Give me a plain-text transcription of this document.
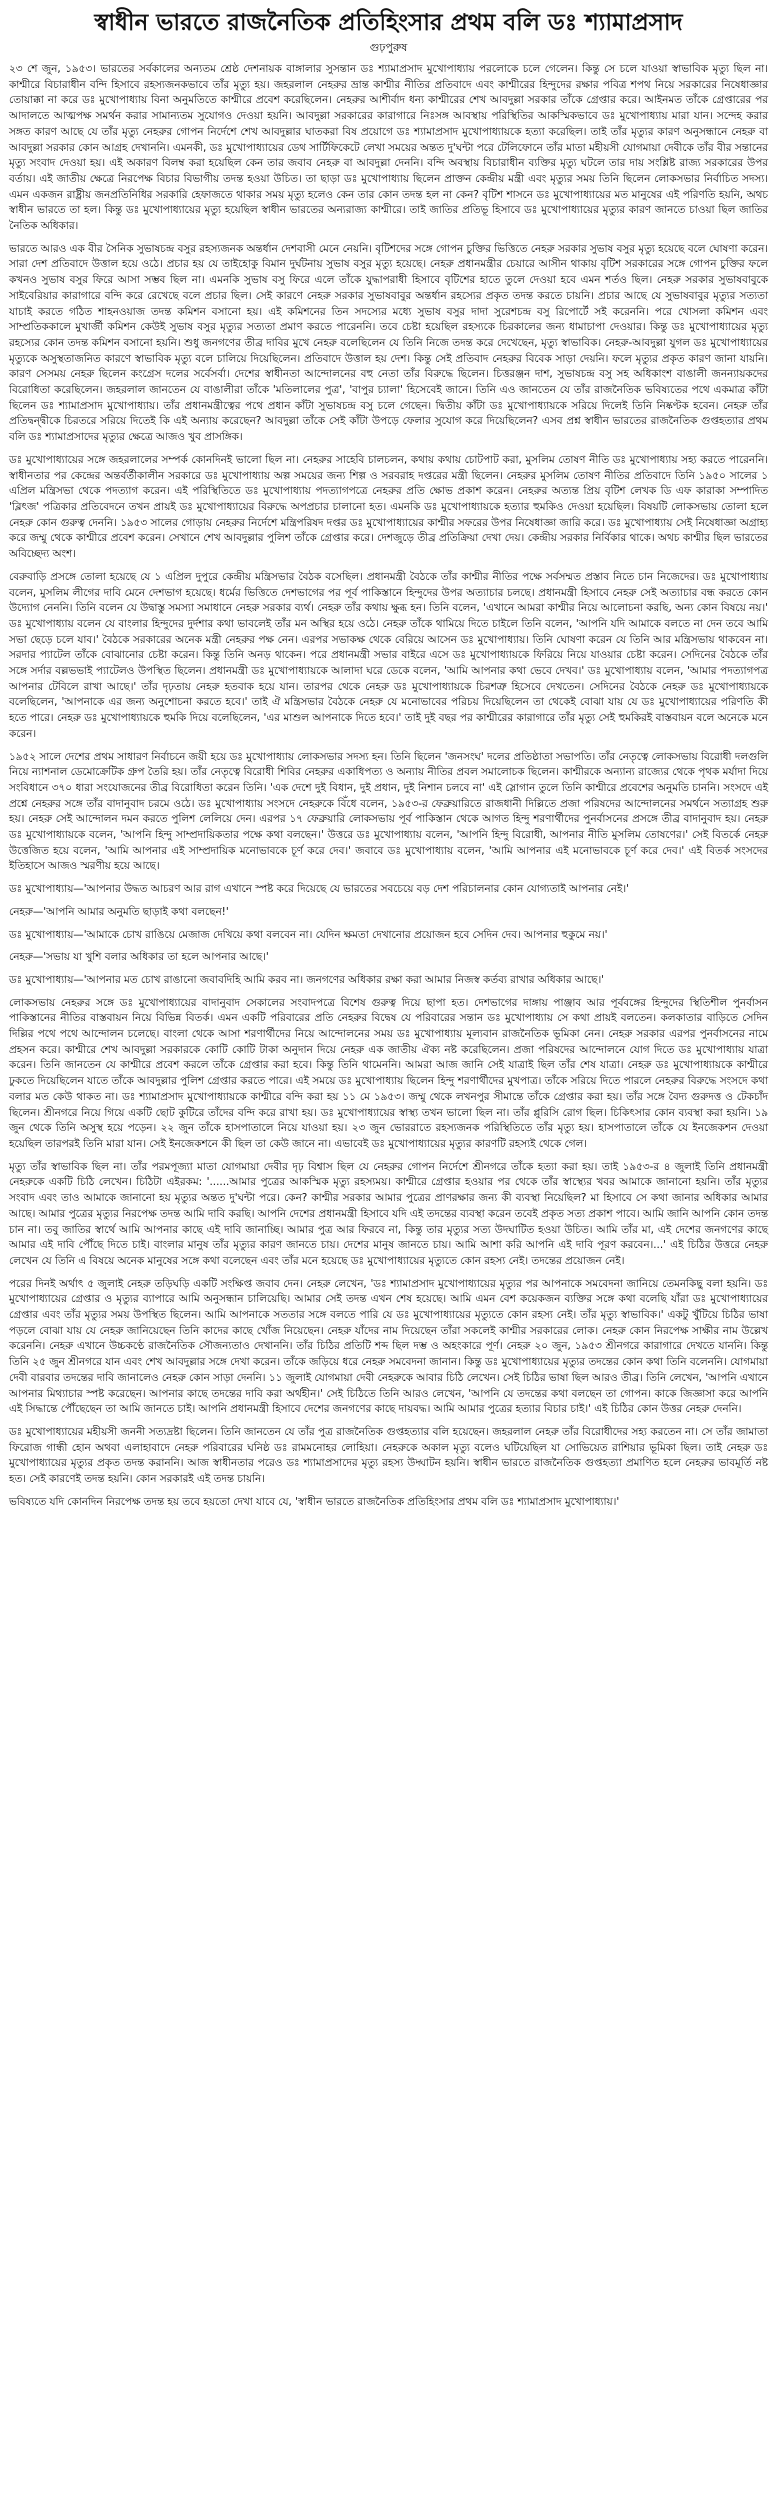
স্বাধীন ভারতে রাজনৈতিক প্রতিহিংসার প্রথম বলি ডঃ শ্যামাপ্রসাদ
গুঢ়পুরুষ

২৩ শে জুন, ১৯৫৩। ভারতের সর্বকালের অন্যতম শ্রেষ্ঠ দেশনায়ক বাঙ্গালার সুসন্তান ডঃ শ্যামাপ্রসাদ মুখোপাধ্যায় পরলোকে চলে গেলেন। কিন্তু সে চলে যাওয়া স্বাভাবিক মৃত্যু ছিল না। কাশ্মীরে বিচারাধীন বন্দি হিসাবে রহস্যজনকভাবে তাঁর মৃত্যু হয়। জহরলাল নেহরুর ভ্রান্ত কাশ্মীর নীতির প্রতিবাদে এবং কাশ্মীরের হিন্দুদের রক্ষার পবিত্র শপথ নিয়ে সরকারের নিষেধাজ্ঞার তোয়াক্কা না করে ডঃ মুখোপাধ্যায় বিনা অনুমতিতে কাশ্মীরে প্রবেশ করেছিলেন। নেহরুর আশীর্বাদ ধন্য কাশ্মীরের শেখ আবদুল্লা সরকার তাঁকে গ্রেপ্তার করে। আইনমত তাঁকে গ্রেপ্তারের পর আদালতে আত্মপক্ষ সমর্থন করার সামান্যতম সুযোগও দেওয়া হয়নি। আবদুল্লা সরকারের কারাগারে নিঃসঙ্গ আবস্থায় পরিস্থিতির আকস্মিকভাবে ডঃ মুখোপাধ্যায় মারা যান। সন্দেহ করার সঙ্গত কারণ আছে যে তাঁর মৃত্যু নেহরুর গোপন নির্দেশে শেখ আবদুল্লার ঘাতকরা বিষ প্রয়োগে ডঃ শ্যামাপ্রসাদ মুখোপাধ্যায়কে হত্যা করেছিল। তাই তাঁর মৃত্যুর কারণ অনুসন্ধানে নেহরু বা আবদুল্লা সরকার কোন আগ্রহ দেখাননি। এমনকী, ডঃ মুখোপাধ্যায়ের ডেথ সার্টিফিকেটে লেখা সময়ের অন্তত দু'ঘন্টা পরে টেলিফোনে তাঁর মাতা মহীয়সী যোগমায়া দেবীকে তাঁর বীর সন্তানের মৃত্যু সংবাদ দেওয়া হয়। এই অকারণ বিলম্ব করা হয়েছিল কেন তার জবাব নেহরু বা আবদুল্লা দেননি। বন্দি অবস্থায় বিচারাধীন ব্যক্তির মৃত্যু ঘটলে তার দায় সংশ্লিষ্ট রাজ্য সরকারের উপর বর্তায়। এই জাতীয় ক্ষেত্রে নিরপেক্ষ বিচার বিভাগীয় তদন্ত হওয়া উচিত। তা ছাড়া ডঃ মুখোপাধ্যায় ছিলেন প্রাক্তন কেন্দ্রীয় মন্ত্রী এবং মৃত্যুর সময় তিনি ছিলেন লোকসভার নির্বাচিত সদস্য। এমন একজন রাষ্ট্রীয় জনপ্রতিনিধির সরকারি হেফাজতে থাকার সময় মৃত্যু হলেও কেন তার কোন তদন্ত হল না কেন? বৃটিশ শাসনে ডঃ মুখোপাধ্যায়ের মত মানুষের এই পরিণতি হয়নি, অথচ স্বাধীন ভারতে তা হল। কিন্তু ডঃ মুখোপাধ্যায়ের মৃত্যু হয়েছিল স্বাধীন ভারতের অন্যরাজ্য কাশ্মীরে। তাই জাতির প্রতিভূ হিসাবে ডঃ মুখোপাধ্যায়ের মৃত্যুর কারণ জানতে চাওয়া ছিল জাতির নৈতিক অধিকার।

ভারতে আরও এক বীর সৈনিক সুভাষচন্দ্র বসুর রহস্যজনক অন্তর্ধান দেশবাসী মেনে নেয়নি। বৃটিশদের সঙ্গে গোপন চুক্তির ভিত্তিতে নেহরু সরকার সুভাষ বসুর মৃত্যু হয়েছে বলে ঘোষণা করেন। সারা দেশ প্রতিবাদে উত্তাল হয়ে ওঠে। প্রচার হয় যে তাইহোকু বিমান দুর্ঘটনায় সুভাষ বসুর মৃত্যু হয়েছে। নেহরু প্রধানমন্ত্রীর চেয়ারে আসীন থাকায় বৃটিশ সরকারের সঙ্গে গোপন চুক্তির ফলে কখনও সুভাষ বসুর ফিরে আসা সম্ভব ছিল না। এমনকি সুভাষ বসু ফিরে এলে তাঁকে যুদ্ধাপরাধী হিসাবে বৃটিশের হাতে তুলে দেওয়া হবে এমন শর্তও ছিল। নেহরু সরকার সুভাষবাবুকে সাইবেরিয়ার কারাগারে বন্দি করে রেখেছে বলে প্রচার ছিল। সেই কারণে নেহরু সরকার সুভাষবাবুর অন্তর্ধান রহস্যের প্রকৃত তদন্ত করতে চায়নি। প্রচার আছে যে সুভাষবাবুর মৃত্যুর সত্যতা যাচাই করতে গঠিত শাহনওয়াজ তদন্ত কমিশন বসানো হয়। এই কমিশনের তিন সদস্যের মধ্যে সুভাষ বসুর দাদা সুরেশচন্দ্র বসু রিপোর্টে সই করেননি। পরে খোসলা কমিশন এবং সাম্প্রতিককালে মুখার্জী কমিশন কেউই সুভাষ বসুর মৃত্যুর সত্যতা প্রমাণ করতে পারেননি। তবে চেষ্টা হয়েছিল রহস্যকে চিরকালের জন্য ধামাচাপা দেওয়ার। কিন্তু ডঃ মুখোপাধ্যায়ের মৃত্যু রহস্যের কোন তদন্ত কমিশন বসানো হয়নি। শুধু জনগণের তীব্র দাবির মুখে নেহরু বলেছিলেন যে তিনি নিজে তদন্ত করে দেখেছেন, মৃত্যু স্বাভাবিক। নেহরু-আবদুল্লা যুগল ডঃ মুখোপাধ্যায়ের মৃত্যুকে অসুস্থতাজনিত কারণে স্বাভাবিক মৃত্যু বলে চালিয়ে দিয়েছিলেন। প্রতিবাদে উত্তাল হয় দেশ। কিন্তু সেই প্রতিবাদ নেহরুর বিবেক সাড়া দেয়নি। ফলে মৃত্যুর প্রকৃত কারণ জানা যায়নি। কারণ সেসময় নেহরু ছিলেন কংগ্রেস দলের সর্বেসর্বা। দেশের স্বাধীনতা আন্দোলনের বহু নেতা তাঁর বিরুদ্ধে ছিলেন। চিত্তরঞ্জন দাশ, সুভাষচন্দ্র বসু সহ অধিকাংশ বাঙালী জনন্যায়কদের বিরোধিতা করেছিলেন। জহরলাল জানতেন যে বাঙালীরা তাঁকে 'মতিলালের পুত্র', 'বাপুর চ্যালা' হিসেবেই জানে। তিনি এও জানতেন যে তাঁর রাজনৈতিক ভবিষ্যতের পথে একমাত্র কাঁটা ছিলেন ডঃ শ্যামাপ্রসাদ মুখোপাধ্যায়। তাঁর প্রধানমন্ত্রীত্বের পথে প্রধান কাঁটা সুভাষচন্দ্র বসু চলে গেছেন। দ্বিতীয় কাঁটা ডঃ মুখোপাধ্যায়কে সরিয়ে দিলেই তিনি নিষ্কণ্টক হবেন। নেহরু তাঁর প্রতিদ্বন্দ্বীকে চিরতরে সরিয়ে দিতেই কি এই অন্যায় করেছেন? আবদুল্লা তাঁকে সেই কাঁটা উপড়ে ফেলার সুযোগ করে দিয়েছিলেন? এসব প্রশ্ন স্বাধীন ভারতের রাজনৈতিক গুপ্তহত্যার প্রথম বলি ডঃ শ্যামাপ্রসাদের মৃত্যুর ক্ষেত্রে আজও খুব প্রাসঙ্গিক।

ডঃ মুখোপাধ্যায়ের সঙ্গে জহরলালের সম্পর্ক কোনদিনই ভালো ছিল না। নেহরুর সাহেবি চালচলন, কথায় কথায় চোটপাট করা, মুসলিম তোষণ নীতি ডঃ মুখোপাধ্যায় সহ্য করতে পারেননি। স্বাধীনতার পর কেন্দ্রের অন্তর্বর্তীকালীন সরকারে ডঃ মুখোপাধ্যায় অল্প সময়ের জন্য শিল্প ও সরবরাহ দপ্তরের মন্ত্রী ছিলেন। নেহরুর মুসলিম তোষণ নীতির প্রতিবাদে তিনি ১৯৫০ সালের ১ এপ্রিল মন্ত্রিসভা থেকে পদত্যাগ করেন। এই পরিস্থিতিতে ডঃ মুখোপাধ্যায় পদত্যাগপত্রে নেহরুর প্রতি ক্ষোভ প্রকাশ করেন। নেহরুর অত্যন্ত প্রিয় বৃটিশ লেখক ডি এফ কারাকা সম্পাদিত 'ব্লিৎজ' পত্রিকার প্রতিবেদনে তখন প্রায়ই ডঃ মুখোপাধ্যায়ের বিরুদ্ধে অপপ্রচার চালানো হত। এমনকি ডঃ মুখোপাধ্যায়কে হত্যার হুমকিও দেওয়া হয়েছিল। বিষয়টি লোকসভায় তোলা হলে নেহরু কোন গুরুত্ব দেননি। ১৯৫৩ সালের গোড়ায় নেহরুর নির্দেশে মন্ত্রিপরিষদ দপ্তর ডঃ মুখোপাধ্যায়ের কাশ্মীর সফরের উপর নিষেধাজ্ঞা জারি করে। ডঃ মুখোপাধ্যায় সেই নিষেধাজ্ঞা অগ্রাহ্য করে জম্মু থেকে কাশ্মীরে প্রবেশ করেন। সেখানে শেখ আবদুল্লার পুলিশ তাঁকে গ্রেপ্তার করে। দেশজুড়ে তীব্র প্রতিক্রিয়া দেখা দেয়। কেন্দ্রীয় সরকার নির্বিকার থাকে। অথচ কাশ্মীর ছিল ভারতের অবিচ্ছেদ্য অংশ।

বেরুবাড়ি প্রসঙ্গে তোলা হয়েছে যে ১ এপ্রিল দুপুরে কেন্দ্রীয় মন্ত্রিসভার বৈঠক বসেছিল। প্রধানমন্ত্রী বৈঠকে তাঁর কাশ্মীর নীতির পক্ষে সর্বসম্মত প্রস্তাব নিতে চান নিজেদের। ডঃ মুখোপাধ্যায় বলেন, মুসলিম লীগের দাবি মেনে দেশভাগ হয়েছে। ধর্মের ভিত্তিতে দেশভাগের পর পূর্ব পাকিস্তানে হিন্দুদের উপর অত্যাচার চলছে। প্রধানমন্ত্রী হিসাবে নেহরু সেই অত্যাচার বন্ধ করতে কোন উদ্যোগ নেননি। তিনি বলেন যে উদ্বাস্তু সমস্যা সমাধানে নেহরু সরকার ব্যর্থ। নেহরু তাঁর কথায় ক্ষুব্ধ হন। তিনি বলেন, 'এখানে আমরা কাশ্মীর নিয়ে আলোচনা করছি, অন্য কোন বিষয়ে নয়।' ডঃ মুখোপাধ্যায় বলেন যে বাংলার হিন্দুদের দুর্দশার কথা ভাবলেই তাঁর মন অস্থির হয়ে ওঠে। নেহরু তাঁকে থামিয়ে দিতে চাইলে তিনি বলেন, 'আপনি যদি আমাকে বলতে না দেন তবে আমি সভা ছেড়ে চলে যাব।' বৈঠকে সরকারের অনেক মন্ত্রী নেহরুর পক্ষ নেন। এরপর সভাকক্ষ থেকে বেরিয়ে আসেন ডঃ মুখোপাধ্যায়। তিনি ঘোষণা করেন যে তিনি আর মন্ত্রিসভায় থাকবেন না। সরদার প্যাটেল তাঁকে বোঝানোর চেষ্টা করেন। কিন্তু তিনি অনড় থাকেন। পরে প্রধানমন্ত্রী সভার বাইরে এসে ডঃ মুখোপাধ্যায়কে ফিরিয়ে নিয়ে যাওয়ার চেষ্টা করেন। সেদিনের বৈঠকে তাঁর সঙ্গে সর্দার বল্লভভাই প্যাটেলও উপস্থিত ছিলেন। প্রধানমন্ত্রী ডঃ মুখোপাধ্যায়কে আলাদা ঘরে ডেকে বলেন, 'আমি আপনার কথা ভেবে দেখব।' ডঃ মুখোপাধ্যায় বলেন, 'আমার পদত্যাগপত্র আপনার টেবিলে রাখা আছে।' তাঁর দৃঢ়তায় নেহরু হতবাক হয়ে যান। তারপর থেকে নেহরু ডঃ মুখোপাধ্যায়কে চিরশত্রু হিসেবে দেখতেন। সেদিনের বৈঠকে নেহরু ডঃ মুখোপাধ্যায়কে বলেছিলেন, 'আপনাকে এর জন্য অনুশোচনা করতে হবে।' তাই ঐ মন্ত্রিসভার বৈঠকে নেহরু যে মনোভাবের পরিচয় দিয়েছিলেন তা থেকেই বোঝা যায় যে ডঃ মুখোপাধ্যায়ের পরিণতি কী হতে পারে। নেহরু ডঃ মুখোপাধ্যায়কে হুমকি দিয়ে বলেছিলেন, 'এর মাশুল আপনাকে দিতে হবে।' তাই দুই বছর পর কাশ্মীরের কারাগারে তাঁর মৃত্যু সেই হুমকিরই বাস্তবায়ন বলে অনেকে মনে করেন।

১৯৫২ সালে দেশের প্রথম সাধারণ নির্বাচনে জয়ী হয়ে ডঃ মুখোপাধ্যায় লোকসভার সদস্য হন। তিনি ছিলেন 'জনসংঘ' দলের প্রতিষ্ঠাতা সভাপতি। তাঁর নেতৃত্বে লোকসভায় বিরোধী দলগুলি নিয়ে ন্যাশনাল ডেমোক্রেটিক গ্রুপ তৈরি হয়। তাঁর নেতৃত্বে বিরোধী শিবির নেহরুর একাধিপত্য ও অন্যায় নীতির প্রবল সমালোচক ছিলেন। কাশ্মীরকে অন্যান্য রাজ্যের থেকে পৃথক মর্যাদা দিয়ে সংবিধানে ৩৭০ ধারা সংযোজনের তীব্র বিরোধিতা করেন তিনি। 'এক দেশে দুই বিধান, দুই প্রধান, দুই নিশান চলবে না' এই স্লোগান তুলে তিনি কাশ্মীরে প্রবেশের অনুমতি চাননি। সংসদে এই প্রশ্নে নেহরুর সঙ্গে তাঁর বাদানুবাদ চরমে ওঠে। ডঃ মুখোপাধ্যায় সংসদে নেহরুকে বিঁধে বলেন, ১৯৫৩-র ফেব্রুয়ারিতে রাজধানী দিল্লিতে প্রজা পরিষদের আন্দোলনের সমর্থনে সত্যাগ্রহ শুরু হয়। নেহরু সেই আন্দোলন দমন করতে পুলিশ লেলিয়ে দেন। এরপর ১৭ ফেব্রুয়ারি লোকসভায় পূর্ব পাকিস্তান থেকে আগত হিন্দু শরণার্থীদের পুনর্বাসনের প্রসঙ্গে তীব্র বাদানুবাদ হয়। নেহরু ডঃ মুখোপাধ্যায়কে বলেন, 'আপনি হিন্দু সাম্প্রদায়িকতার পক্ষে কথা বলছেন।' উত্তরে ডঃ মুখোপাধ্যায় বলেন, 'আপনি হিন্দু বিরোধী, আপনার নীতি মুসলিম তোষণের।' সেই বিতর্কে নেহরু উত্তেজিত হয়ে বলেন, 'আমি আপনার এই সাম্প্রদায়িক মনোভাবকে চূর্ণ করে দেব।' জবাবে ডঃ মুখোপাধ্যায় বলেন, 'আমি আপনার এই মনোভাবকে চূর্ণ করে দেব।' এই বিতর্ক সংসদের ইতিহাসে আজও স্মরণীয় হয়ে আছে।

ডঃ মুখোপাধ্যায়—'আপনার উদ্ধত আচরণ আর রাগ এখানে স্পষ্ট করে দিয়েছে যে ভারতের সবচেয়ে বড় দেশ পরিচালনার কোন যোগ্যতাই আপনার নেই।'

নেহরু—'আপনি আমার অনুমতি ছাড়াই কথা বলছেন!'

ডঃ মুখোপাধ্যায়—'আমাকে চোখ রাঙিয়ে মেজাজ দেখিয়ে কথা বলবেন না। যেদিন ক্ষমতা দেখানোর প্রয়োজন হবে সেদিন দেব। আপনার হুকুমে নয়।'

নেহরু—'সভায় যা খুশি বলার অধিকার তা হলে আপনার আছে।'

ডঃ মুখোপাধ্যায়—'আপনার মত চোখ রাঙানো জবাবদিহি আমি করব না। জনগণের অধিকার রক্ষা করা আমার নিজস্ব কর্তব্য রাখার অধিকার আছে।'

লোকসভায় নেহরুর সঙ্গে ডঃ মুখোপাধ্যায়ের বাদানুবাদ সেকালের সংবাদপত্রে বিশেষ গুরুত্ব দিয়ে ছাপা হত। দেশভাগের দাঙ্গায় পাঞ্জাব আর পূর্ববঙ্গের হিন্দুদের স্থিতিশীল পুনর্বাসন পাকিস্তানের নীতির বাস্তবায়ন নিয়ে বিভিন্ন বিতর্ক। এমন একটি পরিবারের প্রতি নেহরুর বিদ্বেষ যে পরিবারের সন্তান ডঃ মুখোপাধ্যায় সে কথা প্রায়ই বলতেন। কলকাতার বাড়িতে সেদিন দিল্লির পথে পথে আন্দোলন চলেছে। বাংলা থেকে আসা শরণার্থীদের নিয়ে আন্দোলনের সময় ডঃ মুখোপাধ্যায় মূল্যবান রাজনৈতিক ভূমিকা নেন। নেহরু সরকার এরপর পুনর্বাসনের নামে প্রহসন করে। কাশ্মীরে শেখ আবদুল্লা সরকারকে কোটি কোটি টাকা অনুদান দিয়ে নেহরু এক জাতীয় ঐক্য নষ্ট করেছিলেন। প্রজা পরিষদের আন্দোলনে যোগ দিতে ডঃ মুখোপাধ্যায় যাত্রা করেন। তিনি জানতেন যে কাশ্মীরে প্রবেশ করলে তাঁকে গ্রেপ্তার করা হবে। কিন্তু তিনি থামেননি। আমরা আজ জানি সেই যাত্রাই ছিল তাঁর শেষ যাত্রা। নেহরু ডঃ মুখোপাধ্যায়কে কাশ্মীরে ঢুকতে দিয়েছিলেন যাতে তাঁকে আবদুল্লার পুলিশ গ্রেপ্তার করতে পারে। এই সময়ে ডঃ মুখোপাধ্যায় ছিলেন হিন্দু শরণার্থীদের মুখপাত্র। তাঁকে সরিয়ে দিতে পারলে নেহরুর বিরুদ্ধে সংসদে কথা বলার মত কেউ থাকত না। ডঃ শ্যামাপ্রসাদ মুখোপাধ্যায়কে কাশ্মীরে বন্দি করা হয় ১১ মে ১৯৫৩। জম্মু থেকে লখনপুর সীমান্তে তাঁকে গ্রেপ্তার করা হয়। তাঁর সঙ্গে বৈদ্য গুরুদত্ত ও টেকচাঁদ ছিলেন। শ্রীনগরে নিয়ে গিয়ে একটি ছোট কুটিরে তাঁদের বন্দি করে রাখা হয়। ডঃ মুখোপাধ্যায়ের স্বাস্থ্য তখন ভালো ছিল না। তাঁর প্লুরিসি রোগ ছিল। চিকিৎসার কোন ব্যবস্থা করা হয়নি। ১৯ জুন থেকে তিনি অসুস্থ হয়ে পড়েন। ২২ জুন তাঁকে হাসপাতালে নিয়ে যাওয়া হয়। ২৩ জুন ভোররাতে রহস্যজনক পরিস্থিতিতে তাঁর মৃত্যু হয়। হাসপাতালে তাঁকে যে ইনজেকশন দেওয়া হয়েছিল তারপরই তিনি মারা যান। সেই ইনজেকশনে কী ছিল তা কেউ জানে না। এভাবেই ডঃ মুখোপাধ্যায়ের মৃত্যুর কারণটি রহস্যই থেকে গেল।

মৃত্যু তাঁর স্বাভাবিক ছিল না। তাঁর পরমপূজ্যা মাতা যোগমায়া দেবীর দৃঢ় বিশ্বাস ছিল যে নেহরুর গোপন নির্দেশে শ্রীনগরে তাঁকে হত্যা করা হয়। তাই ১৯৫৩-র ৪ জুলাই তিনি প্রধানমন্ত্রী নেহরুকে একটি চিঠি লেখেন। চিঠিটা এইরকম: '......আমার পুত্রের আকস্মিক মৃত্যু রহস্যময়। কাশ্মীরে গ্রেপ্তার হওয়ার পর থেকে তাঁর স্বাস্থ্যের খবর আমাকে জানানো হয়নি। তাঁর মৃত্যুর সংবাদ এবং তাও আমাকে জানানো হয় মৃত্যুর অন্তত দু'ঘন্টা পরে। কেন? কাশ্মীর সরকার আমার পুত্রের প্রাণরক্ষার জন্য কী ব্যবস্থা নিয়েছিল? মা হিসাবে সে কথা জানার অধিকার আমার আছে। আমার পুত্রের মৃত্যুর নিরপেক্ষ তদন্ত আমি দাবি করছি। আপনি দেশের প্রধানমন্ত্রী হিসাবে যদি এই তদন্তের ব্যবস্থা করেন তবেই প্রকৃত সত্য প্রকাশ পাবে। আমি জানি আপনি কোন তদন্ত চান না। তবু জাতির স্বার্থে আমি আপনার কাছে এই দাবি জানাচ্ছি। আমার পুত্র আর ফিরবে না, কিন্তু তার মৃত্যুর সত্য উদঘাটিত হওয়া উচিত। আমি তাঁর মা, এই দেশের জনগণের কাছে আমার এই দাবি পৌঁছে দিতে চাই। বাংলার মানুষ তাঁর মৃত্যুর কারণ জানতে চায়। দেশের মানুষ জানতে চায়। আমি আশা করি আপনি এই দাবি পূরণ করবেন।...' এই চিঠির উত্তরে নেহরু লেখেন যে তিনি এ বিষয়ে অনেক মানুষের সঙ্গে কথা বলেছেন এবং তাঁর মনে হয়েছে ডঃ মুখোপাধ্যায়ের মৃত্যুতে কোন রহস্য নেই। তদন্তের প্রয়োজন নেই।

পরের দিনই অর্থাৎ ৫ জুলাই নেহরু তড়িঘড়ি একটি সংক্ষিপ্ত জবাব দেন। নেহরু লেখেন, 'ডঃ শ্যামাপ্রসাদ মুখোপাধ্যায়ের মৃত্যুর পর আপনাকে সমবেদনা জানিয়ে তেমনকিছু বলা হয়নি। ডঃ মুখোপাধ্যায়ের গ্রেপ্তার ও মৃত্যুর ব্যাপারে আমি অনুসন্ধান চালিয়েছি। আমার সেই তদন্ত এখন শেষ হয়েছে। আমি এমন বেশ কয়েকজন ব্যক্তির সঙ্গে কথা বলেছি যাঁরা ডঃ মুখোপাধ্যায়ের গ্রেপ্তার এবং তাঁর মৃত্যুর সময় উপস্থিত ছিলেন। আমি আপনাকে সততার সঙ্গে বলতে পারি যে ডঃ মুখোপাধ্যায়ের মৃত্যুতে কোন রহস্য নেই। তাঁর মৃত্যু স্বাভাবিক।' একটু খুঁটিয়ে চিঠির ভাষা পড়লে বোঝা যায় যে নেহরু জানিয়েছেন তিনি কাদের কাছে খোঁজ নিয়েছেন। নেহরু যাঁদের নাম দিয়েছেন তাঁরা সকলেই কাশ্মীর সরকারের লোক। নেহরু কোন নিরপেক্ষ সাক্ষীর নাম উল্লেখ করেননি। নেহরু এখানে উচ্চকণ্ঠে রাজনৈতিক সৌজন্যতাও দেখাননি। তাঁর চিঠির প্রতিটি শব্দ ছিল দম্ভ ও অহংকারে পূর্ণ। নেহরু ২০ জুন, ১৯৫৩ শ্রীনগরে কারাগারে দেখতে যাননি। কিন্তু তিনি ২৫ জুন শ্রীনগরে যান এবং শেখ আবদুল্লার সঙ্গে দেখা করেন। তাঁকে জড়িয়ে ধরে নেহরু সমবেদনা জানান। কিন্তু ডঃ মুখোপাধ্যায়ের মৃত্যুর তদন্তের কোন কথা তিনি বলেননি। যোগমায়া দেবী বারবার তদন্তের দাবি জানালেও নেহরু কোন সাড়া দেননি। ১১ জুলাই যোগমায়া দেবী নেহরুকে আবার চিঠি লেখেন। সেই চিঠির ভাষা ছিল আরও তীব্র। তিনি লেখেন, 'আপনি এখানে আপনার মিথ্যাচার স্পষ্ট করেছেন। আপনার কাছে তদন্তের দাবি করা অর্থহীন।' সেই চিঠিতে তিনি আরও লেখেন, 'আপনি যে তদন্তের কথা বলছেন তা গোপন। কাকে জিজ্ঞাসা করে আপনি এই সিদ্ধান্তে পৌঁছেছেন তা আমি জানতে চাই। আপনি প্রধানমন্ত্রী হিসাবে দেশের জনগণের কাছে দায়বদ্ধ। আমি আমার পুত্রের হত্যার বিচার চাই।' এই চিঠির কোন উত্তর নেহরু দেননি।

ডঃ মুখোপাধ্যায়ের মহীয়সী জননী সত্যদ্রষ্টা ছিলেন। তিনি জানতেন যে তাঁর পুত্র রাজনৈতিক গুপ্তহত্যার বলি হয়েছেন। জহরলাল নেহরু তাঁর বিরোধীদের সহ্য করতেন না। সে তাঁর জামাতা ফিরোজ গান্ধী হোন অথবা এলাহাবাদে নেহরু পরিবারের ঘনিষ্ঠ ডঃ রামমনোহর লোহিয়া। নেহরুকে অকাল মৃত্যু বলেও ঘটিয়েছিল যা সোভিয়েত রাশিয়ার ভূমিকা ছিল। তাই নেহরু ডঃ মুখোপাধ্যায়ের মৃত্যুর প্রকৃত তদন্ত করাননি। আজ স্বাধীনতার পরেও ডঃ শ্যামাপ্রসাদের মৃত্যু রহস্য উদ্ঘাটন হয়নি। স্বাধীন ভারতে রাজনৈতিক গুপ্তহত্যা প্রমাণিত হলে নেহরুর ভাবমূর্তি নষ্ট হত। সেই কারণেই তদন্ত হয়নি। কোন সরকারই এই তদন্ত চায়নি।

ভবিষ্যতে যদি কোনদিন নিরপেক্ষ তদন্ত হয় তবে হয়তো দেখা যাবে যে, 'স্বাধীন ভারতে রাজনৈতিক প্রতিহিংসার প্রথম বলি ডঃ শ্যামাপ্রসাদ মুখোপাধ্যায়।'
